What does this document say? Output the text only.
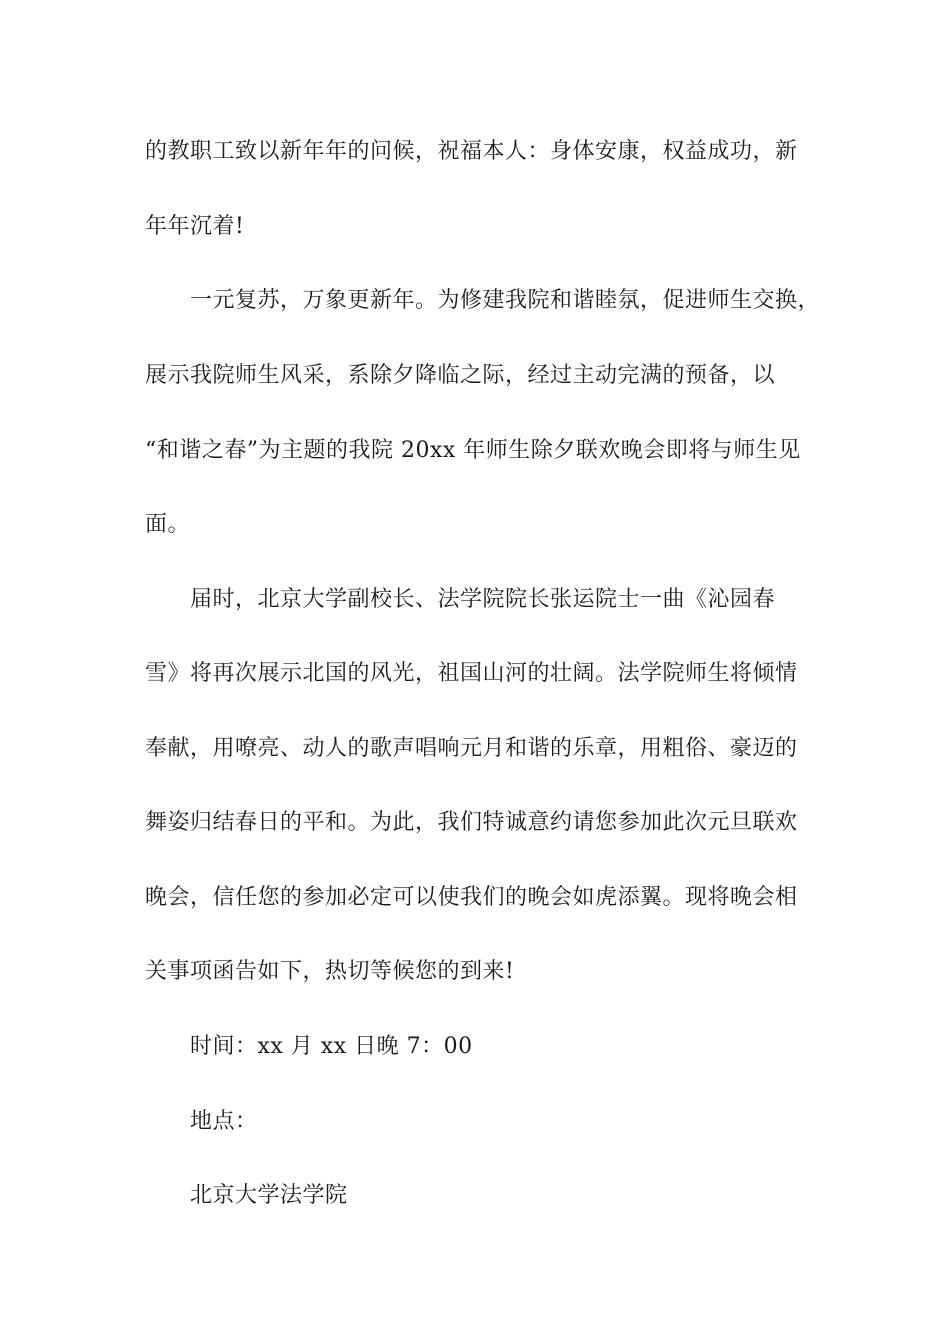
的教职工致以新年年的问候，祝福本人：身体安康，权益成功，新
年年沉着!
一元复苏，万象更新年。为修建我院和谐睦氛，促进师生交换，
展示我院师生风采，系除夕降临之际，经过主动完满的预备，以
“和谐之春”为主题的我院 20xx 年师生除夕联欢晚会即将与师生见
面。
届时，北京大学副校长、法学院院长张运院士一曲《沁园春
雪》将再次展示北国的风光，祖国山河的壮阔。法学院师生将倾情
奉献，用嘹亮、动人的歌声唱响元月和谐的乐章，用粗俗、豪迈的
舞姿归结春日的平和。为此，我们特诚意约请您参加此次元旦联欢
晚会，信任您的参加必定可以使我们的晚会如虎添翼。现将晚会相
关事项函告如下，热切等候您的到来!
时间：xx 月 xx 日晚 7：00
地点：
北京大学法学院
